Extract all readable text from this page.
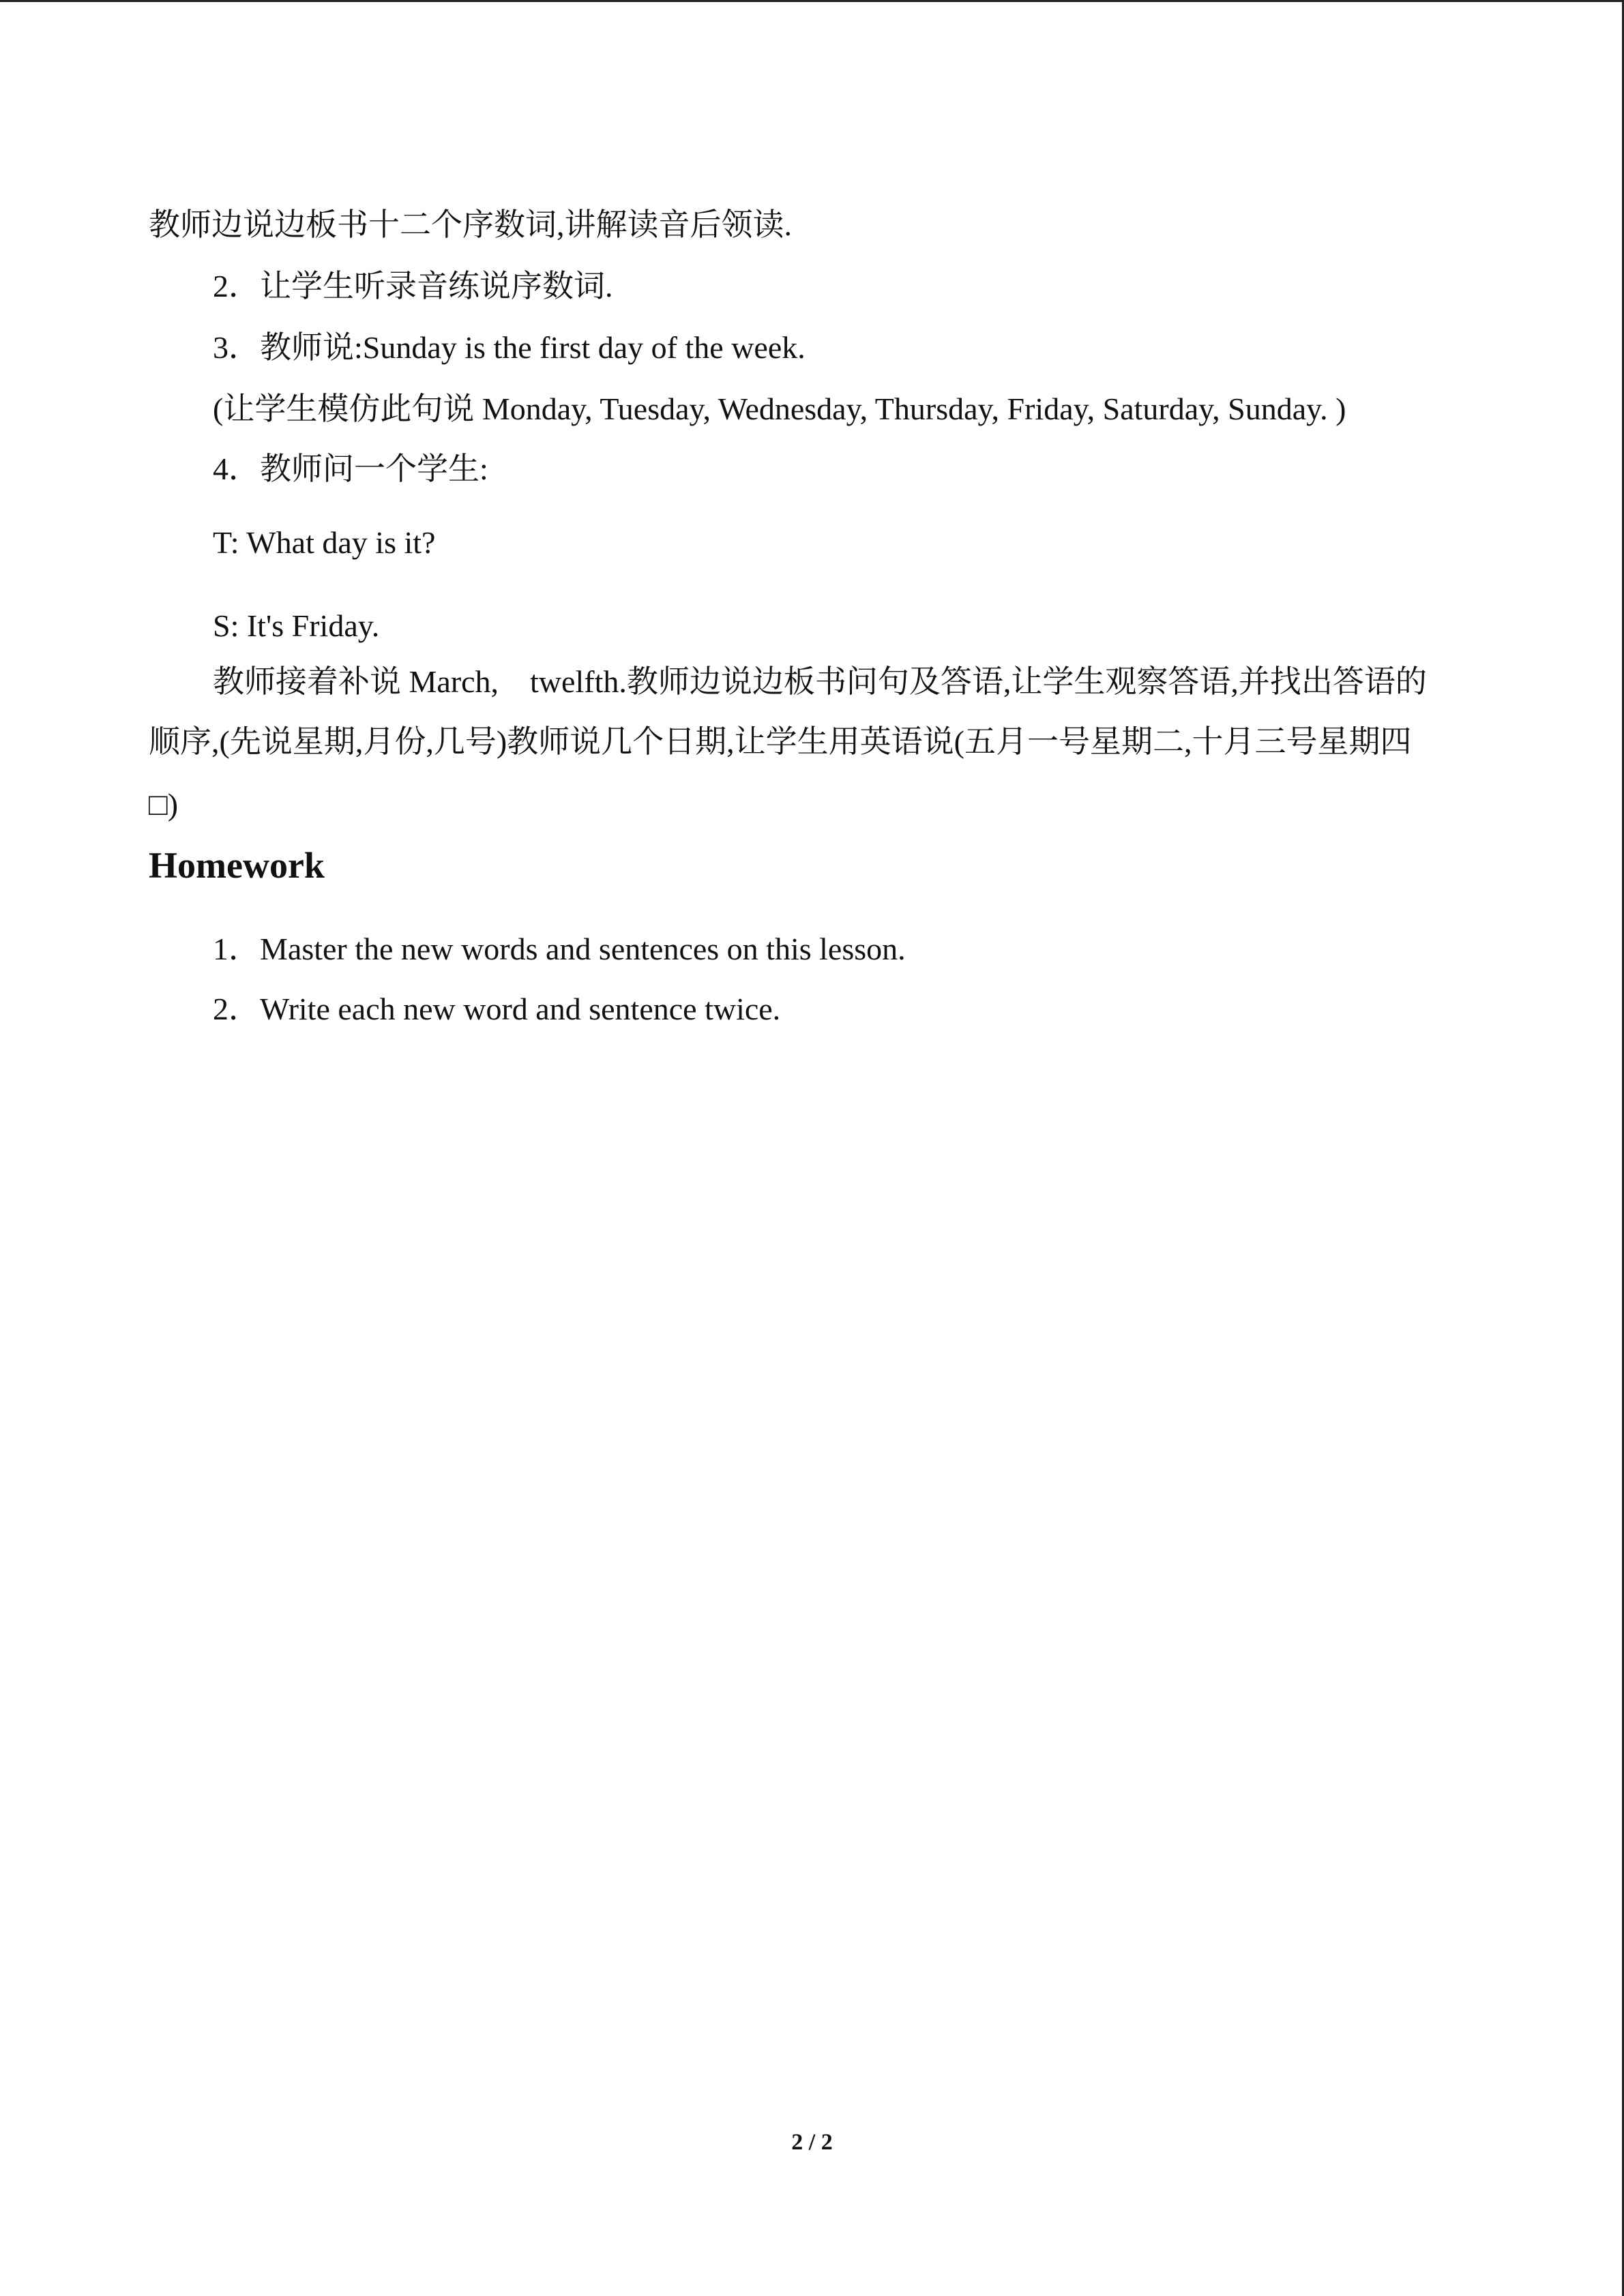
教师边说边板书十二个序数词,讲解读音后领读.
2．让学生听录音练说序数词.
3．教师说:Sunday is the first day of the week.
(让学生模仿此句说 Monday, Tuesday, Wednesday, Thursday, Friday, Saturday, Sunday. )
4．教师问一个学生:
T: What day is it?
S: It's Friday.
教师接着补说 March,　twelfth.教师边说边板书问句及答语,让学生观察答语,并找出答语的
顺序,(先说星期,月份,几号)教师说几个日期,让学生用英语说(五月一号星期二,十月三号星期四
□)
Homework
1．Master the new words and sentences on this lesson.
2．Write each new word and sentence twice.
2 / 2
